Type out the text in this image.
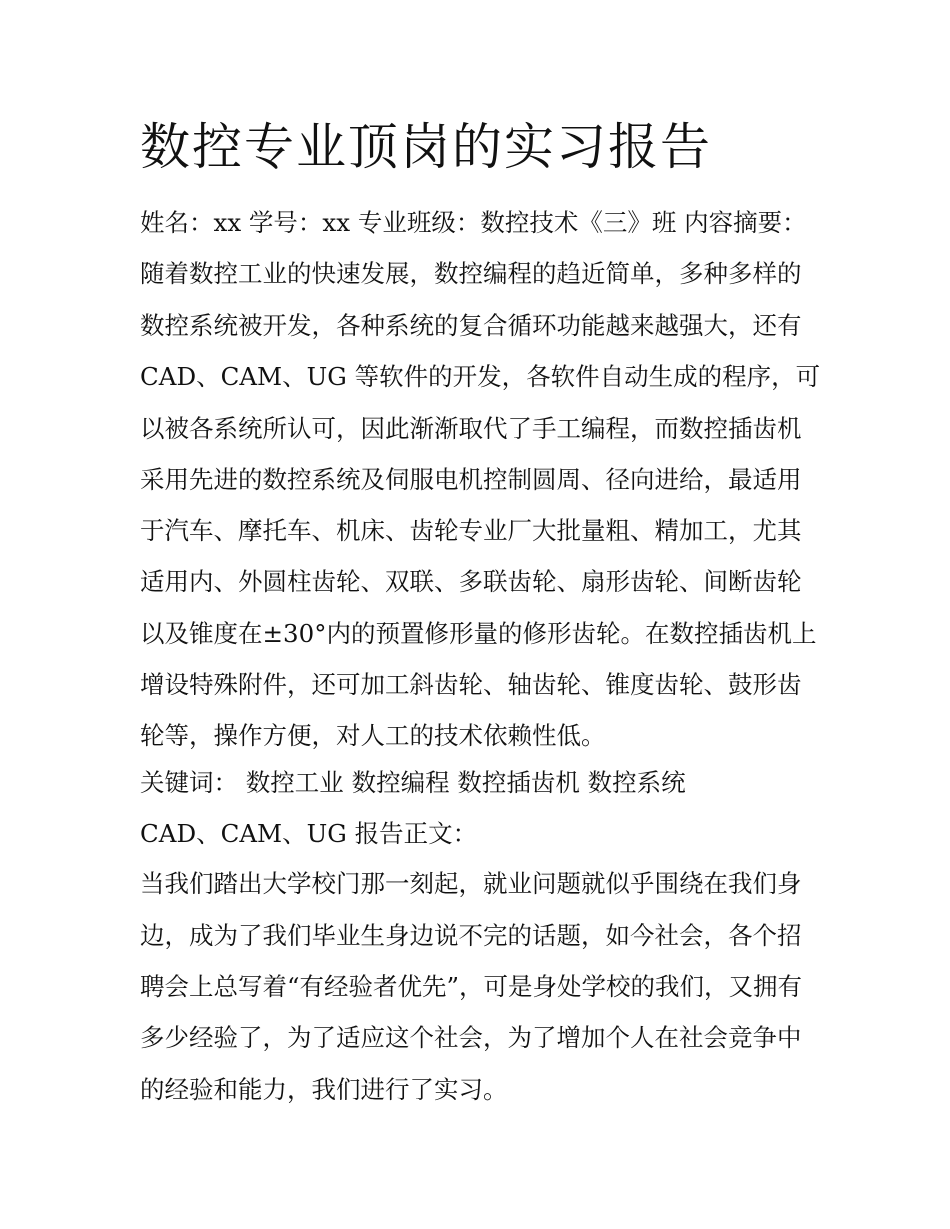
数控专业顶岗的实习报告

姓名：xx 学号：xx 专业班级：数控技术《三》班 内容摘要：

随着数控工业的快速发展，数控编程的趋近简单，多种多样的

数控系统被开发，各种系统的复合循环功能越来越强大，还有

CAD、CAM、UG 等软件的开发，各软件自动生成的程序，可

以被各系统所认可，因此渐渐取代了手工编程，而数控插齿机

采用先进的数控系统及伺服电机控制圆周、径向进给，最适用

于汽车、摩托车、机床、齿轮专业厂大批量粗、精加工，尤其

适用内、外圆柱齿轮、双联、多联齿轮、扇形齿轮、间断齿轮

以及锥度在±30°内的预置修形量的修形齿轮。在数控插齿机上

增设特殊附件，还可加工斜齿轮、轴齿轮、锥度齿轮、鼓形齿

轮等，操作方便，对人工的技术依赖性低。

关键词： 数控工业 数控编程 数控插齿机 数控系统

CAD、CAM、UG 报告正文：

当我们踏出大学校门那一刻起，就业问题就似乎围绕在我们身

边，成为了我们毕业生身边说不完的话题，如今社会，各个招

聘会上总写着“有经验者优先”，可是身处学校的我们，又拥有

多少经验了，为了适应这个社会，为了增加个人在社会竞争中

的经验和能力，我们进行了实习。
